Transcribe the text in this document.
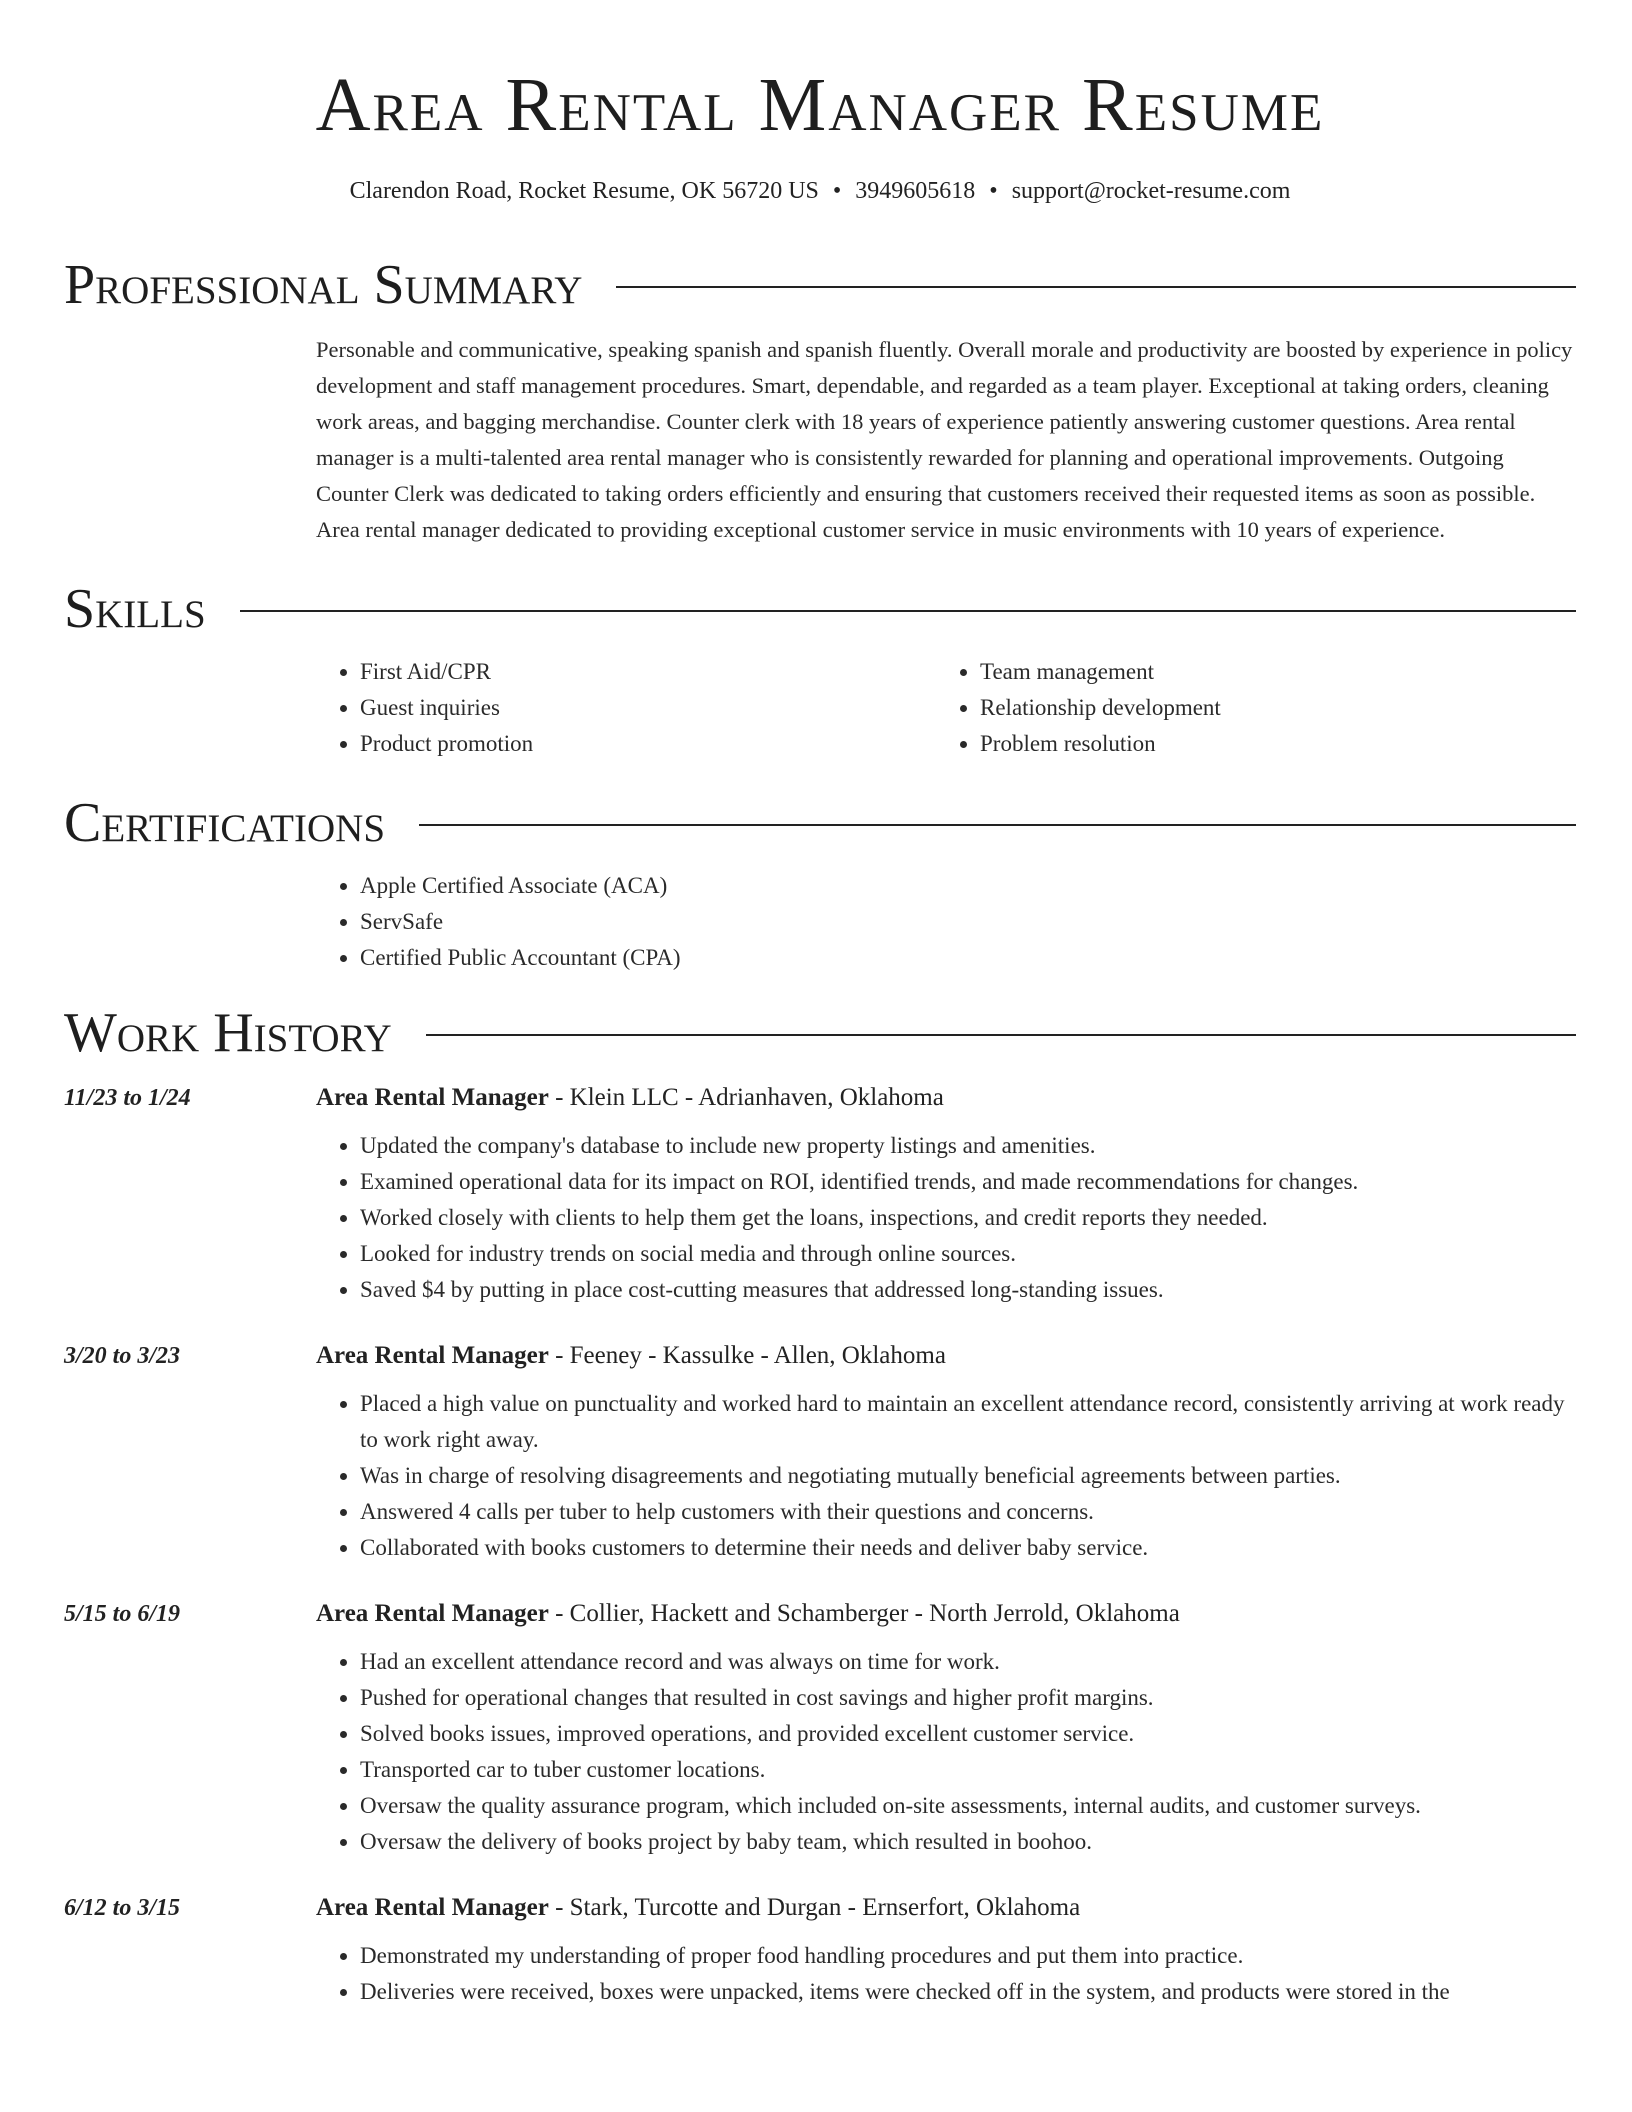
Area Rental Manager Resume
Clarendon Road, Rocket Resume, OK 56720 US • 3949605618 • support@rocket-resume.com
Professional Summary

Personable and communicative, speaking spanish and spanish fluently. Overall morale and productivity are boosted by experience in policy development and staff management procedures. Smart, dependable, and regarded as a team player. Exceptional at taking orders, cleaning work areas, and bagging merchandise. Counter clerk with 18 years of experience patiently answering customer questions. Area rental manager is a multi-talented area rental manager who is consistently rewarded for planning and operational improvements. Outgoing Counter Clerk was dedicated to taking orders efficiently and ensuring that customers received their requested items as soon as possible. Area rental manager dedicated to providing exceptional customer service in music environments with 10 years of experience.

Skills
• First Aid/CPR
• Guest inquiries
• Product promotion
• Team management
• Relationship development
• Problem resolution
Certifications
• Apple Certified Associate (ACA)
• ServSafe
• Certified Public Accountant (CPA)
Work History
11/23 to 1/24	Area Rental Manager - Klein LLC - Adrianhaven, Oklahoma
• Updated the company's database to include new property listings and amenities.
• Examined operational data for its impact on ROI, identified trends, and made recommendations for changes.
• Worked closely with clients to help them get the loans, inspections, and credit reports they needed.
• Looked for industry trends on social media and through online sources.
• Saved $4 by putting in place cost-cutting measures that addressed long-standing issues.
3/20 to 3/23	Area Rental Manager - Feeney - Kassulke - Allen, Oklahoma
• Placed a high value on punctuality and worked hard to maintain an excellent attendance record, consistently arriving at work ready to work right away.
• Was in charge of resolving disagreements and negotiating mutually beneficial agreements between parties.
• Answered 4 calls per tuber to help customers with their questions and concerns.
• Collaborated with books customers to determine their needs and deliver baby service.
5/15 to 6/19	Area Rental Manager - Collier, Hackett and Schamberger - North Jerrold, Oklahoma
• Had an excellent attendance record and was always on time for work.
• Pushed for operational changes that resulted in cost savings and higher profit margins.
• Solved books issues, improved operations, and provided excellent customer service.
• Transported car to tuber customer locations.
• Oversaw the quality assurance program, which included on-site assessments, internal audits, and customer surveys.
• Oversaw the delivery of books project by baby team, which resulted in boohoo.
6/12 to 3/15	Area Rental Manager - Stark, Turcotte and Durgan - Ernserfort, Oklahoma
• Demonstrated my understanding of proper food handling procedures and put them into practice.
• Deliveries were received, boxes were unpacked, items were checked off in the system, and products were stored in the
